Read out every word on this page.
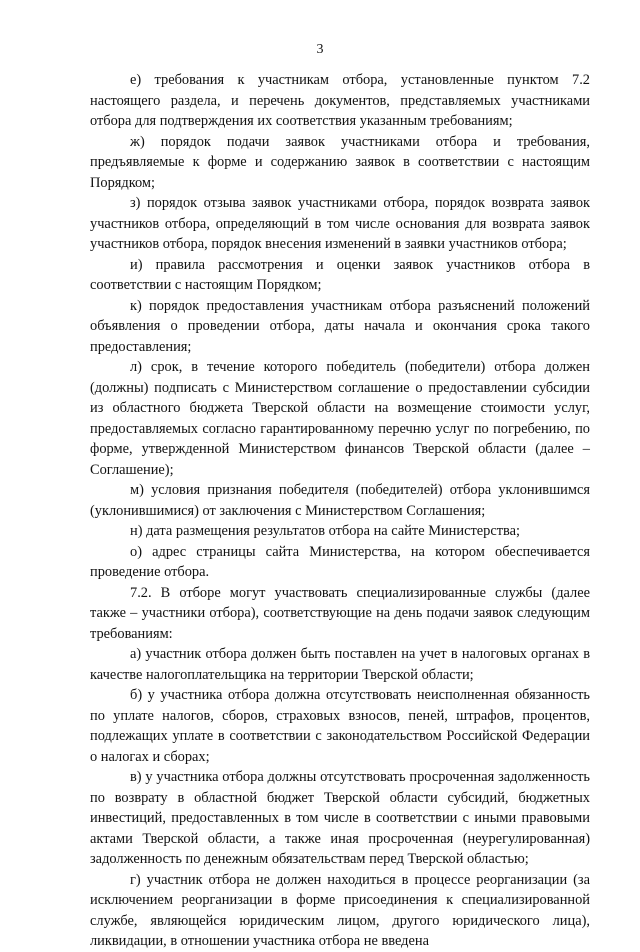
3

е) требования к участникам отбора, установленные пунктом 7.2 настоящего раздела, и перечень документов, представляемых участниками отбора для подтверждения их соответствия указанным требованиям;

ж) порядок подачи заявок участниками отбора и требования, предъявляемые к форме и содержанию заявок в соответствии с настоящим Порядком;

з) порядок отзыва заявок участниками отбора, порядок возврата заявок участников отбора, определяющий в том числе основания для возврата заявок участников отбора, порядок внесения изменений в заявки участников отбора;

и) правила рассмотрения и оценки заявок участников отбора в соответствии с настоящим Порядком;

к) порядок предоставления участникам отбора разъяснений положений объявления о проведении отбора, даты начала и окончания срока такого предоставления;

л) срок, в течение которого победитель (победители) отбора должен (должны) подписать с Министерством соглашение о предоставлении субсидии из областного бюджета Тверской области на возмещение стоимости услуг, предоставляемых согласно гарантированному перечню услуг по погребению, по форме, утвержденной Министерством финансов Тверской области (далее – Соглашение);

м) условия признания победителя (победителей) отбора уклонившимся (уклонившимися) от заключения с Министерством Соглашения;

н) дата размещения результатов отбора на сайте Министерства;

о) адрес страницы сайта Министерства, на котором обеспечивается проведение отбора.

7.2. В отборе могут участвовать специализированные службы (далее также – участники отбора), соответствующие на день подачи заявок следующим требованиям:

а) участник отбора должен быть поставлен на учет в налоговых органах в качестве налогоплательщика на территории Тверской области;

б) у участника отбора должна отсутствовать неисполненная обязанность по уплате налогов, сборов, страховых взносов, пеней, штрафов, процентов, подлежащих уплате в соответствии с законодательством Российской Федерации о налогах и сборах;

в) у участника отбора должны отсутствовать просроченная задолженность по возврату в областной бюджет Тверской области субсидий, бюджетных инвестиций, предоставленных в том числе в соответствии с иными правовыми актами Тверской области, а также иная просроченная (неурегулированная) задолженность по денежным обязательствам перед Тверской областью;

г) участник отбора не должен находиться в процессе реорганизации (за исключением реорганизации в форме присоединения к специализированной службе, являющейся юридическим лицом, другого юридического лица), ликвидации, в отношении участника отбора не введена
